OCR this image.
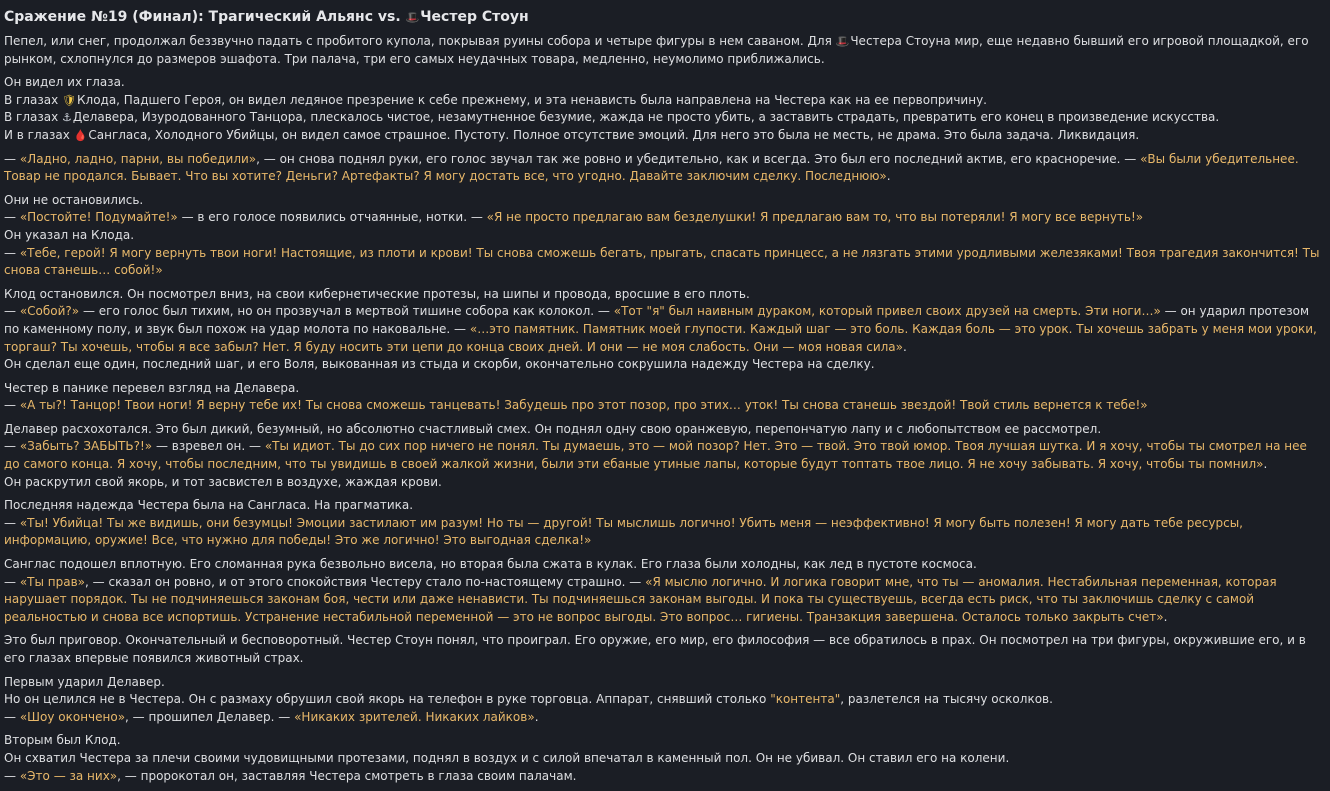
Сражение №19 (Финал): Трагический Альянс vs. 🎩Честер Стоун

Пепел, или снег, продолжал беззвучно падать с пробитого купола, покрывая руины собора и четыре фигуры в нем саваном. Для 🎩Честера Стоуна мир, еще недавно бывший его игровой площадкой, его рынком, схлопнулся до размеров эшафота. Три палача, три его самых неудачных товара, медленно, неумолимо приближались.

Он видел их глаза.
В глазах 🛡Клода, Падшего Героя, он видел ледяное презрение к себе прежнему, и эта ненависть была направлена на Честера как на ее первопричину.
В глазах ⚓Делавера, Изуродованного Танцора, плескалось чистое, незамутненное безумие, жажда не просто убить, а заставить страдать, превратить его конец в произведение искусства.
И в глазах 🩸Сангласа, Холодного Убийцы, он видел самое страшное. Пустоту. Полное отсутствие эмоций. Для него это была не месть, не драма. Это была задача. Ликвидация.

— «Ладно, ладно, парни, вы победили», — он снова поднял руки, его голос звучал так же ровно и убедительно, как и всегда. Это был его последний актив, его красноречие. — «Вы были убедительнее. Товар не продался. Бывает. Что вы хотите? Деньги? Артефакты? Я могу достать все, что угодно. Давайте заключим сделку. Последнюю».

Они не остановились.
— «Постойте! Подумайте!» — в его голосе появились отчаянные, нотки. — «Я не просто предлагаю вам безделушки! Я предлагаю вам то, что вы потеряли! Я могу все вернуть!»
Он указал на Клода.
— «Тебе, герой! Я могу вернуть твои ноги! Настоящие, из плоти и крови! Ты снова сможешь бегать, прыгать, спасать принцесс, а не лязгать этими уродливыми железяками! Твоя трагедия закончится! Ты снова станешь… собой!»

Клод остановился. Он посмотрел вниз, на свои кибернетические протезы, на шипы и провода, вросшие в его плоть.
— «Собой?» — его голос был тихим, но он прозвучал в мертвой тишине собора как колокол. — «Тот "я" был наивным дураком, который привел своих друзей на смерть. Эти ноги…» — он ударил протезом по каменному полу, и звук был похож на удар молота по наковальне. — «…это памятник. Памятник моей глупости. Каждый шаг — это боль. Каждая боль — это урок. Ты хочешь забрать у меня мои уроки, торгаш? Ты хочешь, чтобы я все забыл? Нет. Я буду носить эти цепи до конца своих дней. И они — не моя слабость. Они — моя новая сила».
Он сделал еще один, последний шаг, и его Воля, выкованная из стыда и скорби, окончательно сокрушила надежду Честера на сделку.

Честер в панике перевел взгляд на Делавера.
— «А ты?! Танцор! Твои ноги! Я верну тебе их! Ты снова сможешь танцевать! Забудешь про этот позор, про этих… уток! Ты снова станешь звездой! Твой стиль вернется к тебе!»

Делавер расхохотался. Это был дикий, безумный, но абсолютно счастливый смех. Он поднял одну свою оранжевую, перепончатую лапу и с любопытством ее рассмотрел.
— «Забыть? ЗАБЫТЬ?!» — взревел он. — «Ты идиот. Ты до сих пор ничего не понял. Ты думаешь, это — мой позор? Нет. Это — твой. Это твой юмор. Твоя лучшая шутка. И я хочу, чтобы ты смотрел на нее до самого конца. Я хочу, чтобы последним, что ты увидишь в своей жалкой жизни, были эти ебаные утиные лапы, которые будут топтать твое лицо. Я не хочу забывать. Я хочу, чтобы ты помнил».
Он раскрутил свой якорь, и тот засвистел в воздухе, жаждая крови.

Последняя надежда Честера была на Сангласа. На прагматика.
— «Ты! Убийца! Ты же видишь, они безумцы! Эмоции застилают им разум! Но ты — другой! Ты мыслишь логично! Убить меня — неэффективно! Я могу быть полезен! Я могу дать тебе ресурсы, информацию, оружие! Все, что нужно для победы! Это же логично! Это выгодная сделка!»

Санглас подошел вплотную. Его сломанная рука безвольно висела, но вторая была сжата в кулак. Его глаза были холодны, как лед в пустоте космоса.
— «Ты прав», — сказал он ровно, и от этого спокойствия Честеру стало по-настоящему страшно. — «Я мыслю логично. И логика говорит мне, что ты — аномалия. Нестабильная переменная, которая нарушает порядок. Ты не подчиняешься законам боя, чести или даже ненависти. Ты подчиняешься законам выгоды. И пока ты существуешь, всегда есть риск, что ты заключишь сделку с самой реальностью и снова все испортишь. Устранение нестабильной переменной — это не вопрос выгоды. Это вопрос… гигиены. Транзакция завершена. Осталось только закрыть счет».

Это был приговор. Окончательный и бесповоротный. Честер Стоун понял, что проиграл. Его оружие, его мир, его философия — все обратилось в прах. Он посмотрел на три фигуры, окружившие его, и в его глазах впервые появился животный страх.

Первым ударил Делавер.
Но он целился не в Честера. Он с размаху обрушил свой якорь на телефон в руке торговца. Аппарат, снявший столько "контента", разлетелся на тысячу осколков.
— «Шоу окончено», — прошипел Делавер. — «Никаких зрителей. Никаких лайков».

Вторым был Клод.
Он схватил Честера за плечи своими чудовищными протезами, поднял в воздух и с силой впечатал в каменный пол. Он не убивал. Он ставил его на колени.
— «Это — за них», — пророкотал он, заставляя Честера смотреть в глаза своим палачам.
